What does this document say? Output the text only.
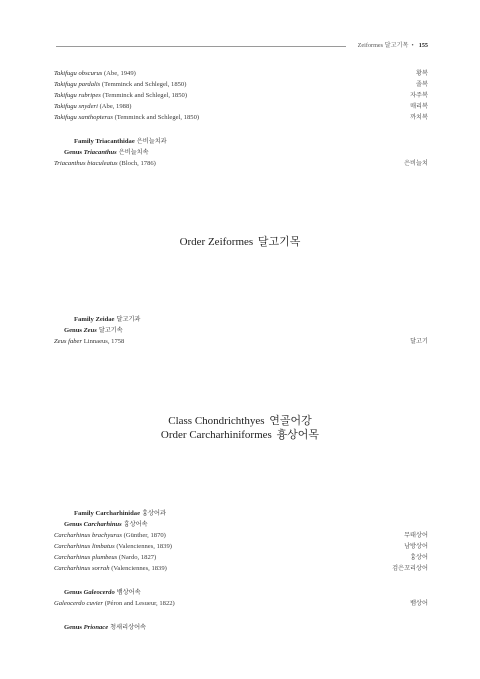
Zeiformes 달고기목 • 155
Takifugu obscurus (Abe, 1949)	황복
Takifugu pardalis (Temminck and Schlegel, 1850)	졸복
Takifugu rubripes (Temminck and Schlegel, 1850)	자주복
Takifugu snyderi (Abe, 1988)	매리복
Takifugu xanthopterus (Temminck and Schlegel, 1850)	까치복
Family Triacanthidae 은비늘치과
Genus Triacanthus 은비늘치속
Triacanthus biaculeatus (Bloch, 1786)	은비늘치
Order Zeiformes 달고기목
Family Zeidae 달고기과
Genus Zeus 달고기속
Zeus faber Linnaeus, 1758	달고기
Class Chondrichthyes 연골어강
Order Carcharhiniformes 흉상어목
Family Carcharhinidae 흉상어과
Genus Carcharhinus 흉상어속
Carcharhinus brachyurus (Günther, 1870)	무태상어
Carcharhinus limbatus (Valenciennes, 1839)	남방상어
Carcharhinus plumbeus (Nardo, 1827)	흉상어
Carcharhinus sorrah (Valenciennes, 1839)	검은꼬리상어
Genus Galeocerdo 뱀상어속
Galeocerdo cuvier (Péron and Lesueur, 1822)	뱀상어
Genus Prionace 청새리상어속
